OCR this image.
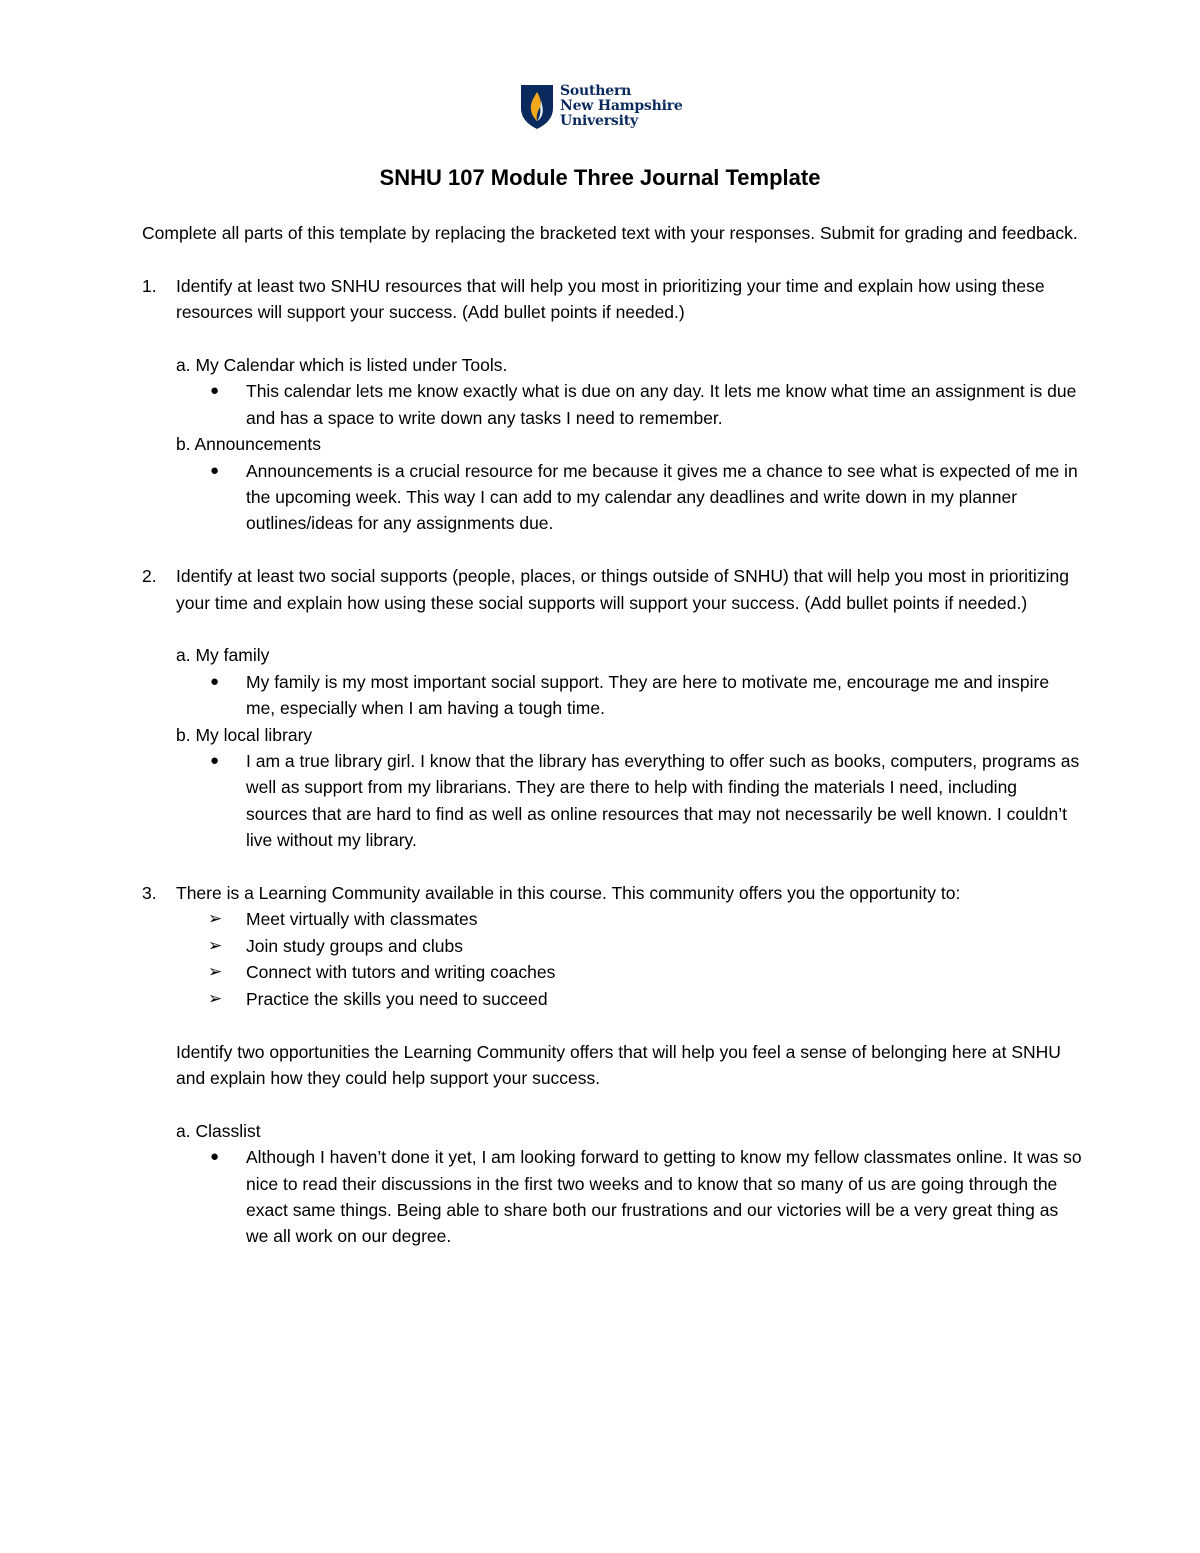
Southern
New Hampshire
University
SNHU 107 Module Three Journal Template

Complete all parts of this template by replacing the bracketed text with your responses. Submit for grading and feedback.

1. Identify at least two SNHU resources that will help you most in prioritizing your time and explain how using these resources will support your success. (Add bullet points if needed.)
a. My Calendar which is listed under Tools.
● This calendar lets me know exactly what is due on any day. It lets me know what time an assignment is due and has a space to write down any tasks I need to remember.
b. Announcements
● Announcements is a crucial resource for me because it gives me a chance to see what is expected of me in the upcoming week. This way I can add to my calendar any deadlines and write down in my planner outlines/ideas for any assignments due.
2. Identify at least two social supports (people, places, or things outside of SNHU) that will help you most in prioritizing your time and explain how using these social supports will support your success. (Add bullet points if needed.)
a. My family
● My family is my most important social support. They are here to motivate me, encourage me and inspire me, especially when I am having a tough time.
b. My local library
● I am a true library girl. I know that the library has everything to offer such as books, computers, programs as well as support from my librarians. They are there to help with finding the materials I need, including sources that are hard to find as well as online resources that may not necessarily be well known. I couldn’t live without my library.
3. There is a Learning Community available in this course. This community offers you the opportunity to:
➢ Meet virtually with classmates
➢ Join study groups and clubs
➢ Connect with tutors and writing coaches
➢ Practice the skills you need to succeed
Identify two opportunities the Learning Community offers that will help you feel a sense of belonging here at SNHU and explain how they could help support your success.
a. Classlist
● Although I haven’t done it yet, I am looking forward to getting to know my fellow classmates online. It was so nice to read their discussions in the first two weeks and to know that so many of us are going through the exact same things. Being able to share both our frustrations and our victories will be a very great thing as we all work on our degree.
